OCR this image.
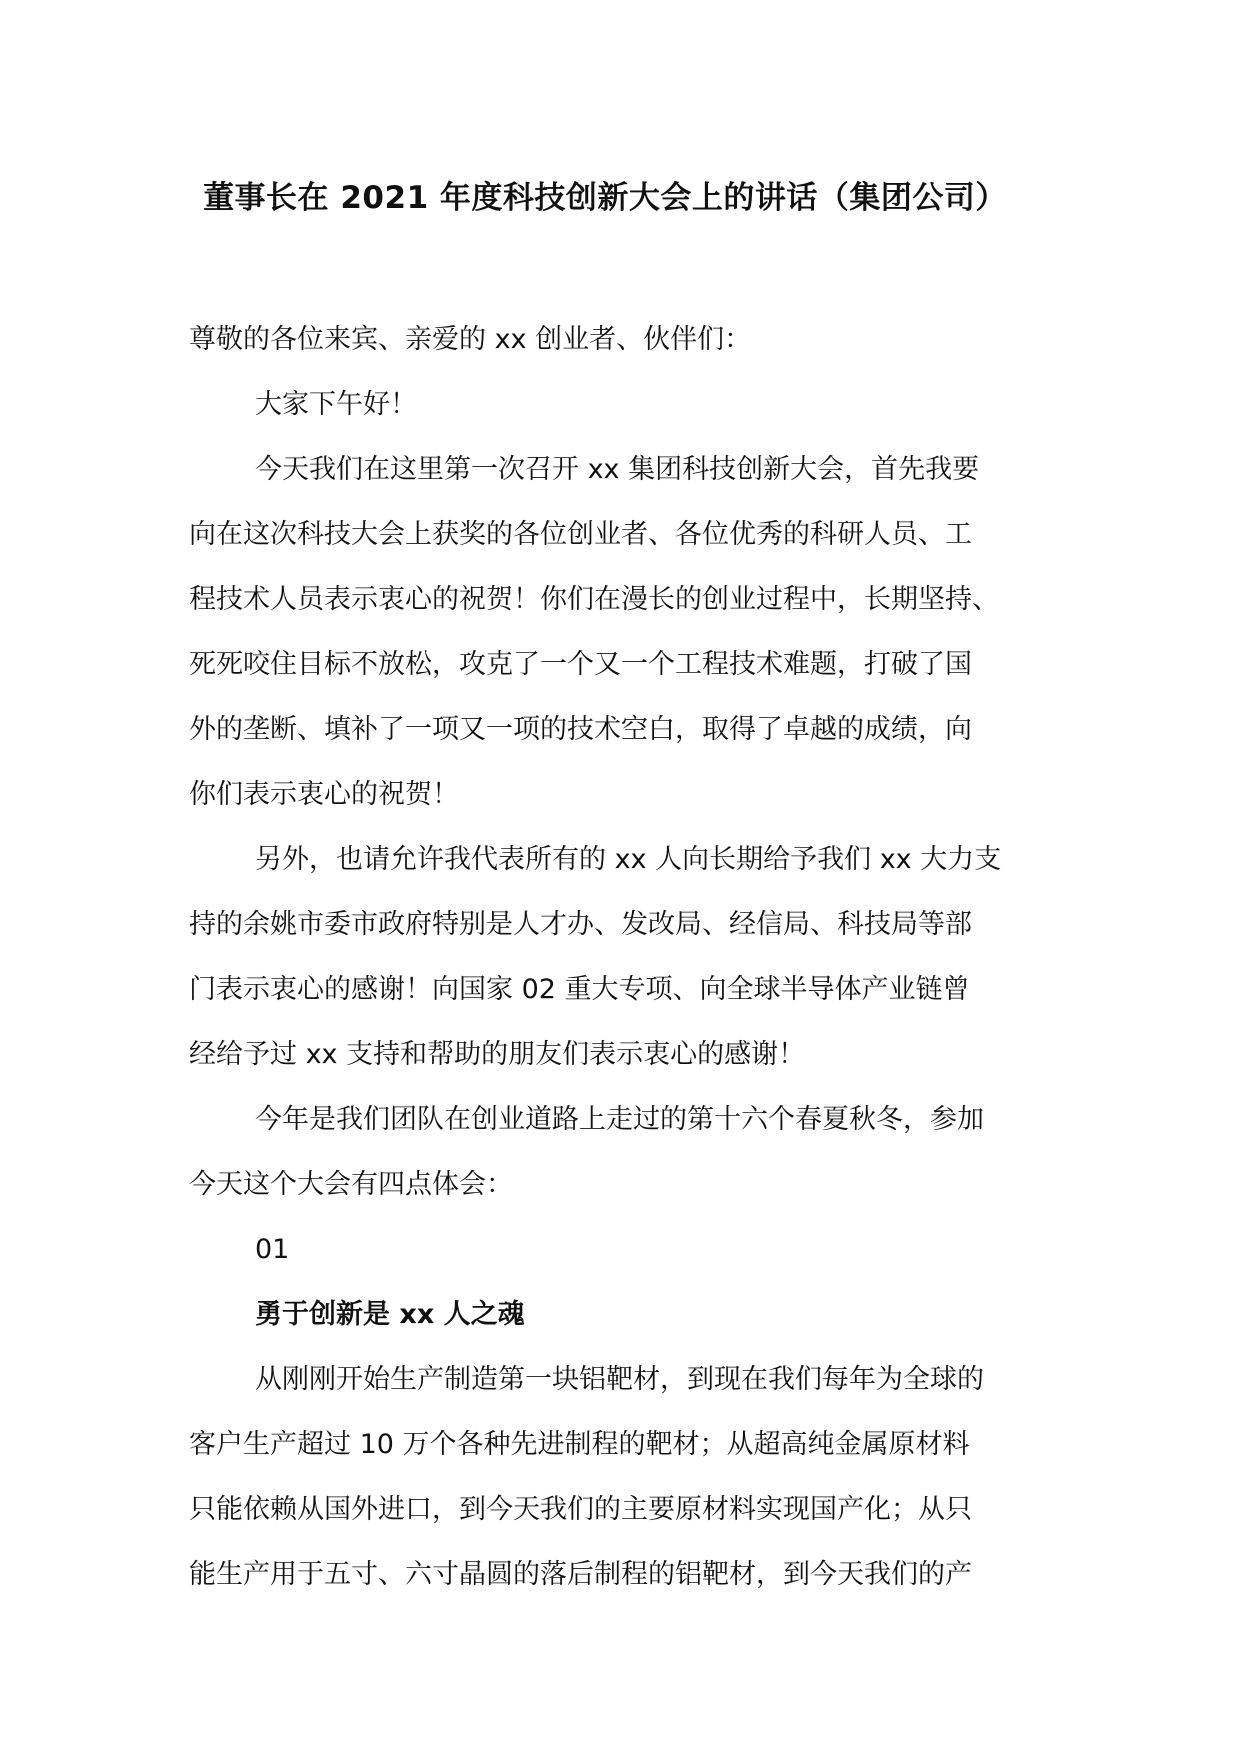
董事长在 2021 年度科技创新大会上的讲话（集团公司）
尊敬的各位来宾、亲爱的 xx 创业者、伙伴们：
大家下午好！
今天我们在这里第一次召开 xx 集团科技创新大会，首先我要
向在这次科技大会上获奖的各位创业者、各位优秀的科研人员、工
程技术人员表示衷心的祝贺！你们在漫长的创业过程中，长期坚持、
死死咬住目标不放松，攻克了一个又一个工程技术难题，打破了国
外的垄断、填补了一项又一项的技术空白，取得了卓越的成绩，向
你们表示衷心的祝贺！
另外，也请允许我代表所有的 xx 人向长期给予我们 xx 大力支
持的余姚市委市政府特别是人才办、发改局、经信局、科技局等部
门表示衷心的感谢！向国家 02 重大专项、向全球半导体产业链曾
经给予过 xx 支持和帮助的朋友们表示衷心的感谢！
今年是我们团队在创业道路上走过的第十六个春夏秋冬，参加
今天这个大会有四点体会：
01
勇于创新是 xx 人之魂
从刚刚开始生产制造第一块铝靶材，到现在我们每年为全球的
客户生产超过 10 万个各种先进制程的靶材；从超高纯金属原材料
只能依赖从国外进口，到今天我们的主要原材料实现国产化；从只
能生产用于五寸、六寸晶圆的落后制程的铝靶材，到今天我们的产
